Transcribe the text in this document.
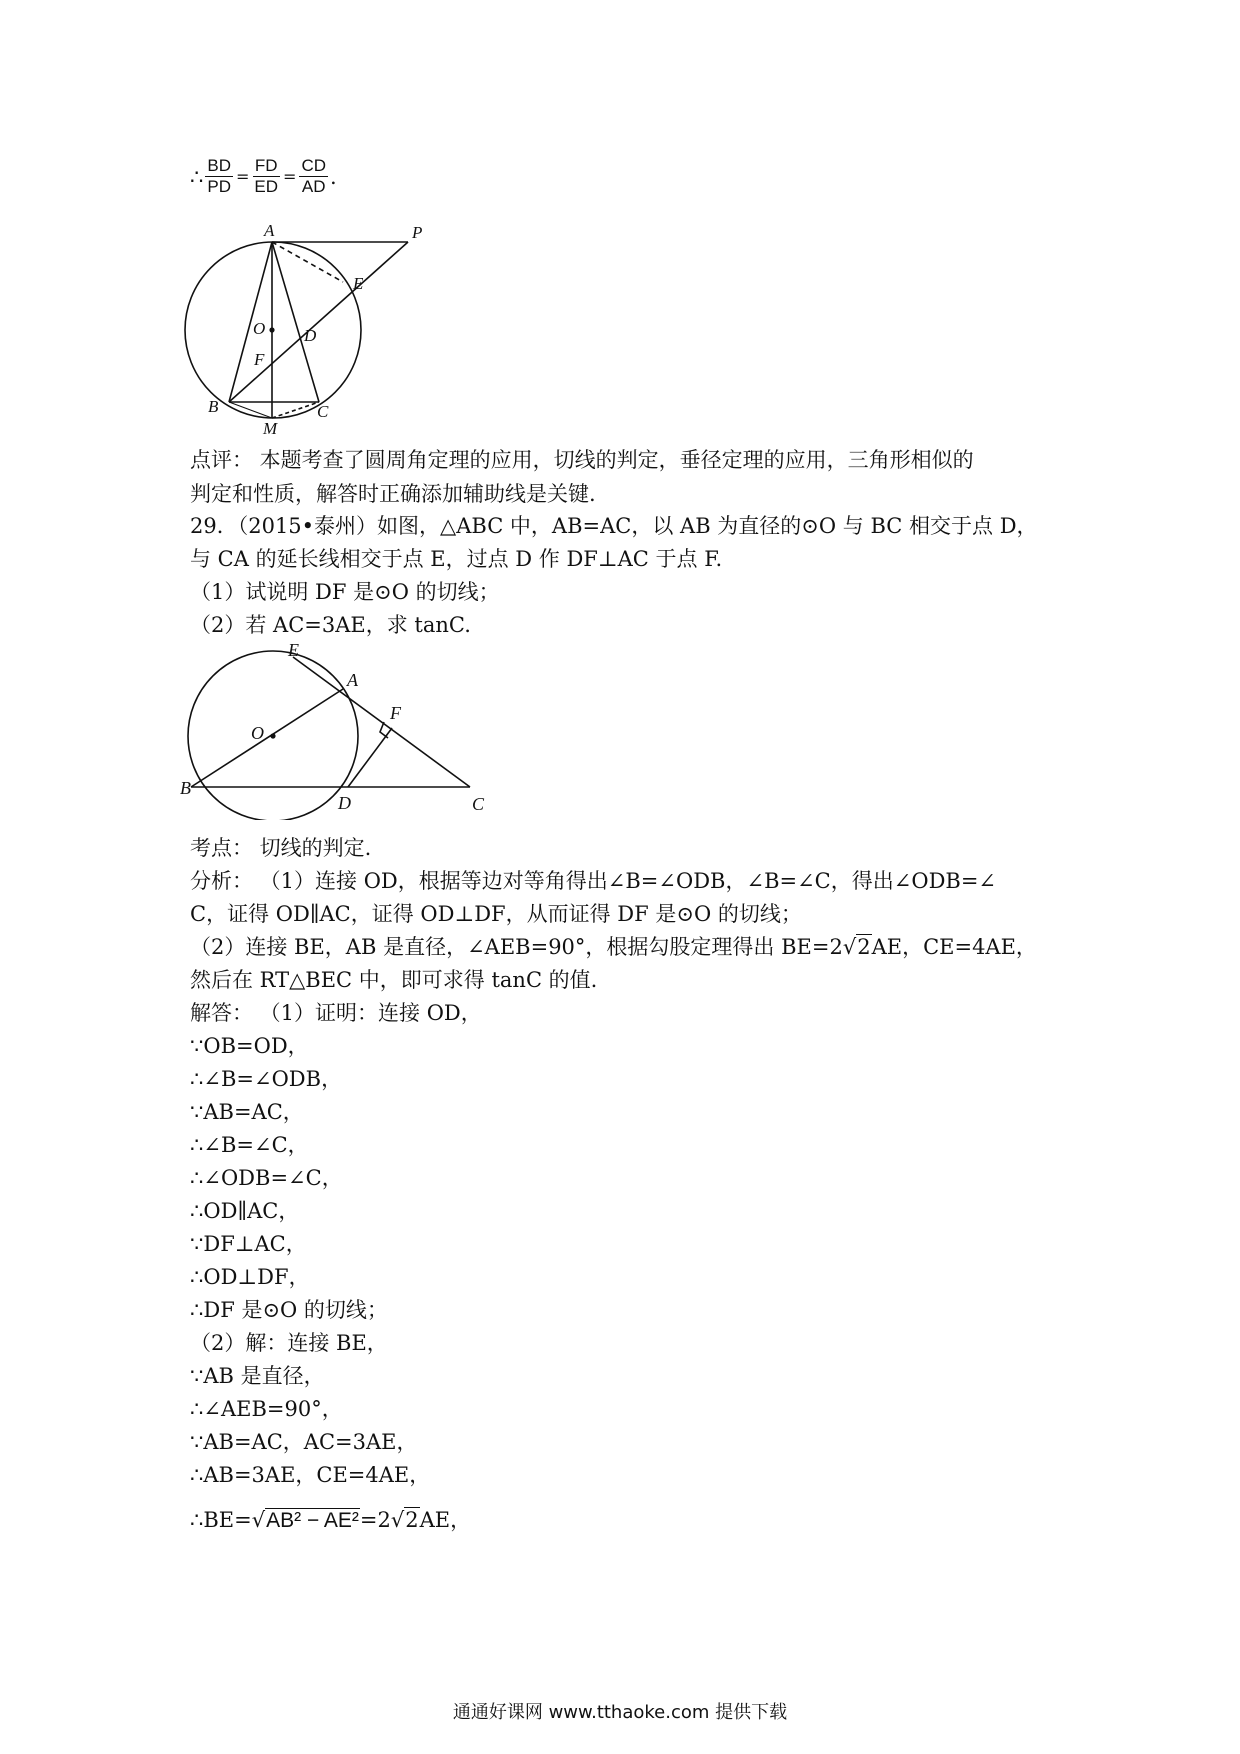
∴ $\frac{BD}{PD} = \frac{FD}{ED} = \frac{CD}{AD}$ .
A	P
E
O D
F
B	C
M
点评： 本题考查了圆周角定理的应用，切线的判定，垂径定理的应用，三角形相似的
判定和性质，解答时正确添加辅助线是关键.
29．（2015•泰州）如图，△ABC 中，AB=AC，以 AB 为直径的⊙O 与 BC 相交于点 D，
与 CA 的延长线相交于点 E，过点 D 作 DF⊥AC 于点 F.
（1）试说明 DF 是⊙O 的切线；
（2）若 AC=3AE，求 tanC.
E
A
F
O
B
D	C
考点： 切线的判定.
分析： （1）连接 OD，根据等边对等角得出∠B=∠ODB，∠B=∠C，得出∠ODB=∠
C，证得 OD∥AC，证得 OD⊥DF，从而证得 DF 是⊙O 的切线；
（2）连接 BE，AB 是直径，∠AEB=90°，根据勾股定理得出 BE=2√2AE，CE=4AE，
然后在 RT△BEC 中，即可求得 tanC 的值.
解答： （1）证明：连接 OD，
∵OB=OD，
∴∠B=∠ODB，
∵AB=AC，
∴∠B=∠C，
∴∠ODB=∠C，
∴OD∥AC，
∵DF⊥AC，
∴OD⊥DF，
∴DF 是⊙O 的切线；
（2）解：连接 BE，
∵AB 是直径，
∴∠AEB=90°，
∵AB=AC，AC=3AE，
∴AB=3AE，CE=4AE，
∴BE=√AB² − AE²=2√2AE，
通通好课网 www.tthaoke.com 提供下载
